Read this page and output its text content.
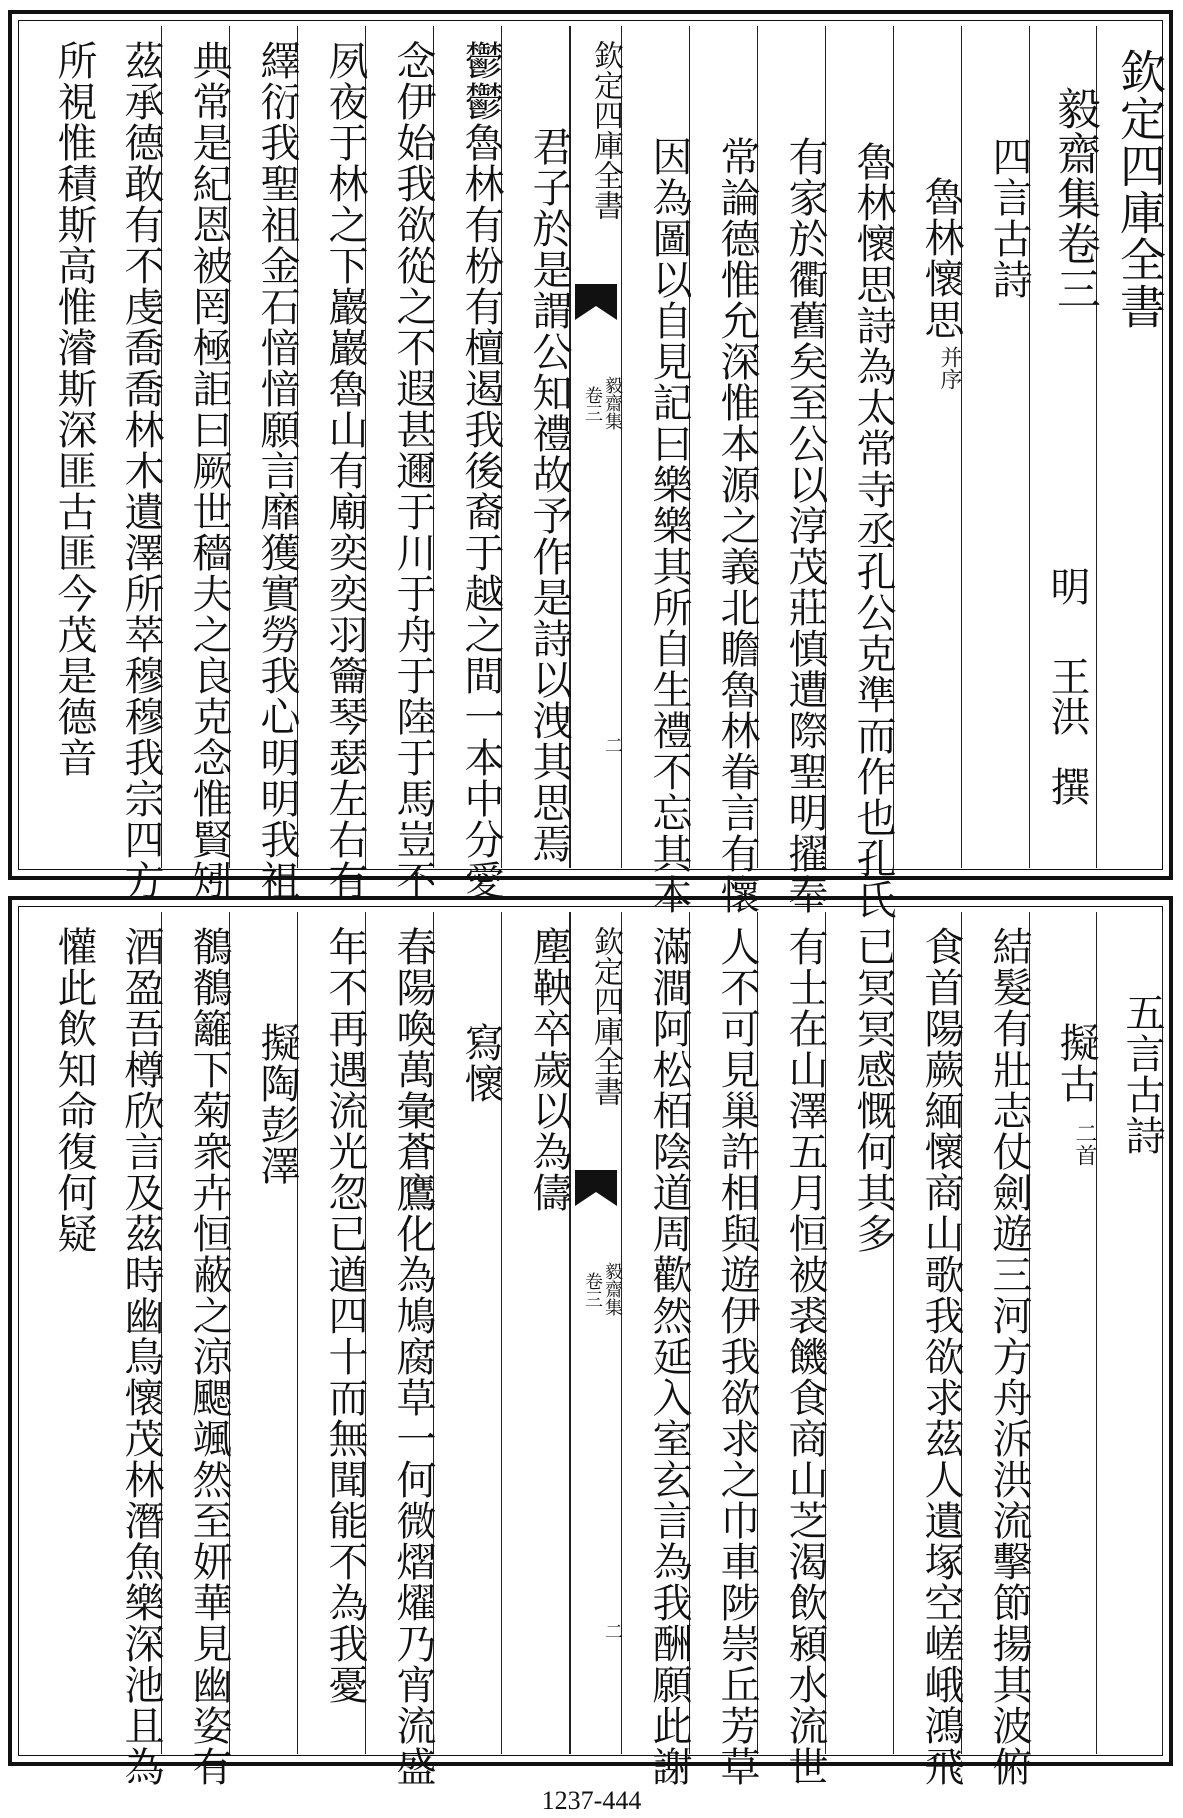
欽定四庫全書
毅齋集卷三
明
王洪
撰
四言古詩
魯林懷思
并序
魯林懷思詩為太常寺丞孔公克準而作也孔氏
有家於衢舊矣至公以淳茂莊慎遭際聖明擢奉
常論德惟允深惟本源之義北瞻魯林眷言有懷
因為圖以自見記曰樂樂其所自生禮不忘其本
欽定四庫全書
毅齋集
卷三
二
君子於是謂公知禮故予作是詩以洩其思焉
鬱鬱魯林有枌有檀遏我後裔于越之間一本中分愛
念伊始我欲從之不遐甚邇于川于舟于陸于馬豈不
夙夜于林之下巖巖魯山有廟奕奕羽籥琴瑟左右有
繹衍我聖祖金石愔愔願言靡獲實勞我心明明我祖
典常是紀恩被罔極詎曰厥世穡夫之良克念惟賢矧
茲承德敢有不虔喬喬林木遺澤所萃穆穆我宗四方
所視惟積斯高惟濬斯深匪古匪今茂是德音
五言古詩
擬古
二首
結髮有壯志仗劍遊三河方舟泝洪流擊節揚其波俯
食首陽蕨緬懷商山歌我欲求茲人遺塚空嵯峨鴻飛
已冥冥感慨何其多
有士在山澤五月恒被裘饑食商山芝渴飲潁水流世
人不可見巢許相與遊伊我欲求之巾車陟崇丘芳草
滿澗阿松栢陰道周歡然延入室玄言為我酬願此謝
欽定四庫全書
毅齋集
卷三
二
塵鞅卒歲以為儔
寫懷
春陽喚萬彙蒼鷹化為鳩腐草一何微熠燿乃宵流盛
年不再遇流光忽已遒四十而無聞能不為我憂
擬陶彭澤
鶺鶺籬下菊衆卉恒蔽之涼颸颯然至妍華見幽姿有
酒盈吾樽欣言及茲時幽鳥懷茂林潛魚樂深池且為
懽此飲知命復何疑
1237-444
